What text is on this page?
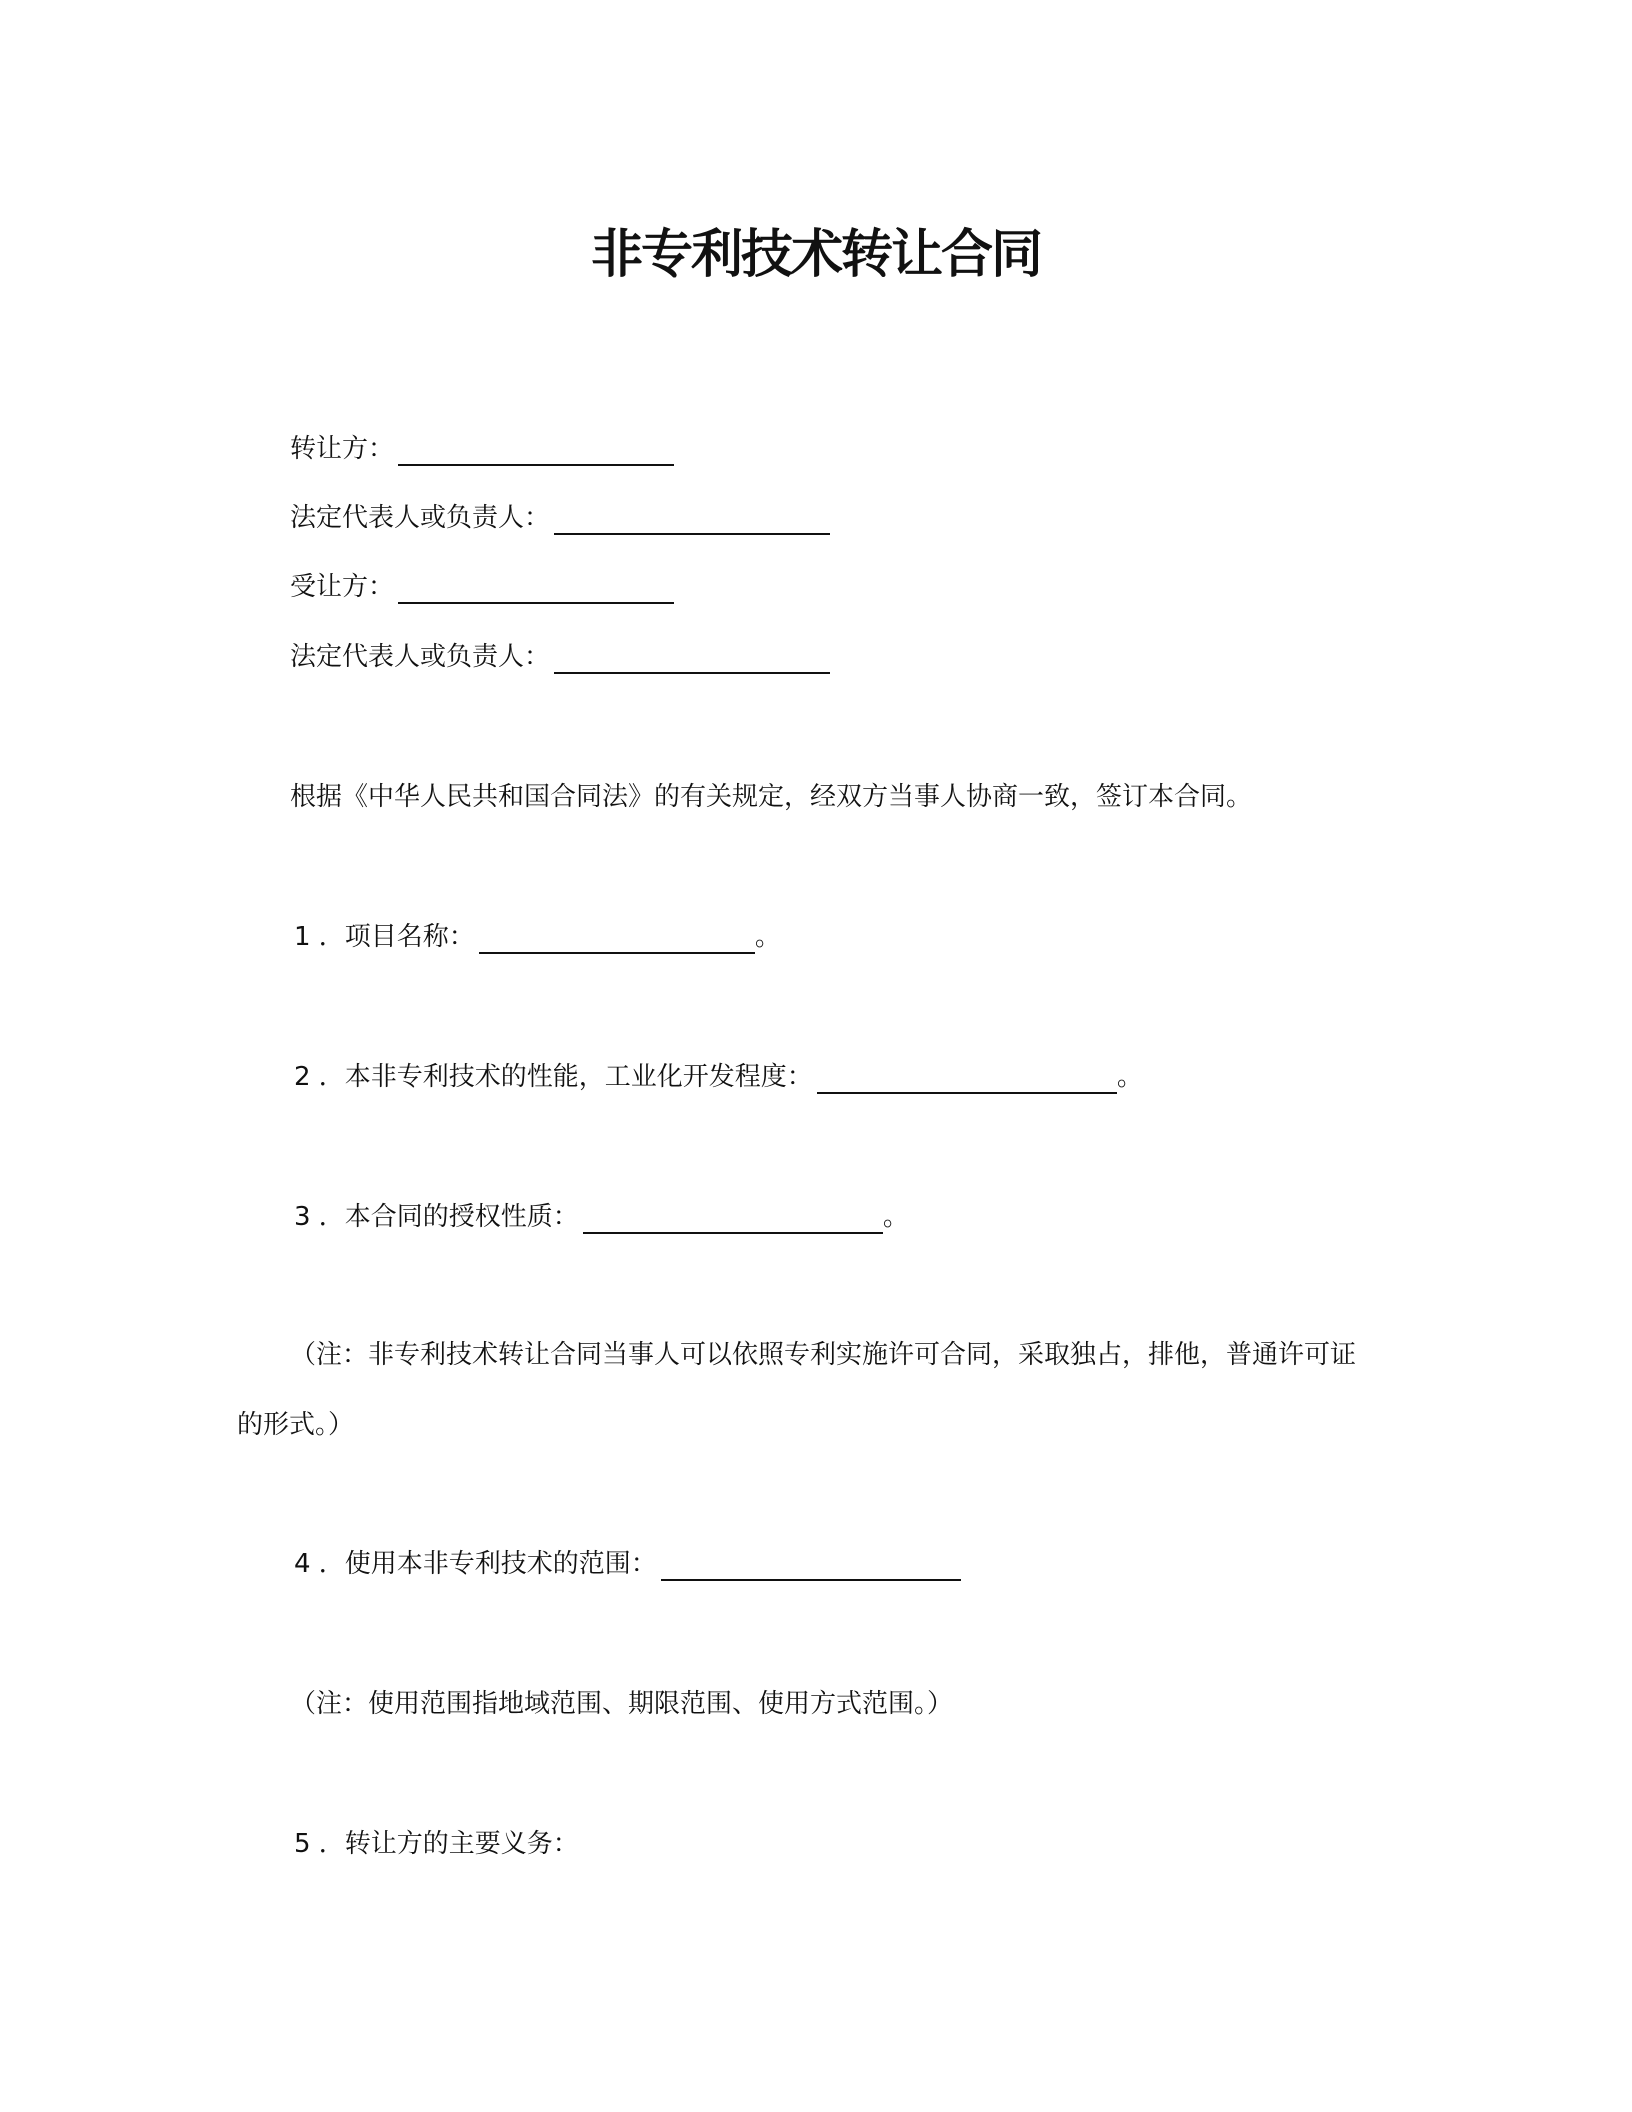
非专利技术转让合同
转让方：
法定代表人或负责人：
受让方：
法定代表人或负责人：
根据《中华人民共和国合同法》的有关规定，经双方当事人协商一致，签订本合同。
1 ．项目名称：	。
2 ．本非专利技术的性能，工业化开发程度：	。
3 ．本合同的授权性质：	。
（注：非专利技术转让合同当事人可以依照专利实施许可合同，采取独占，排他，普通许可证
的形式。）
4 ．使用本非专利技术的范围：
（注：使用范围指地域范围、期限范围、使用方式范围。）
5 ．转让方的主要义务：
